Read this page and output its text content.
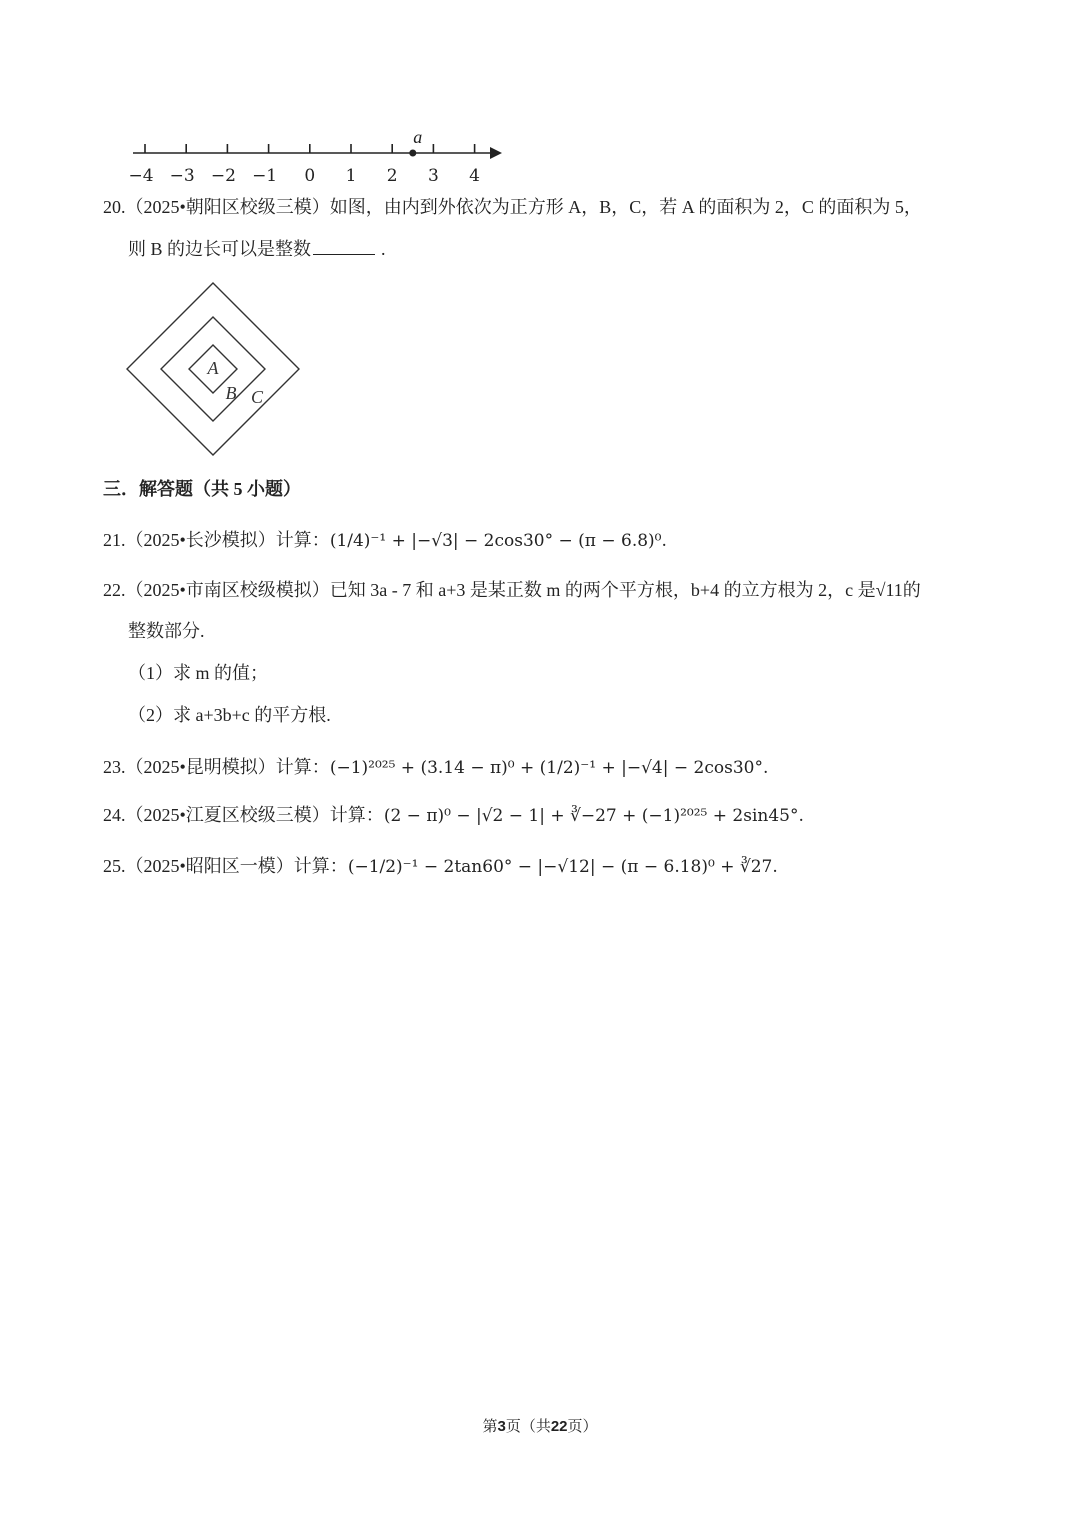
−4 −3 −2 −1 0 1 2 3 4
a
A
B C
20.（2025•朝阳区校级三模）如图，由内到外依次为正方形 A，B，C，若 A 的面积为 2，C 的面积为 5，
则 B 的边长可以是整数	.
三．解答题（共 5 小题）
21.（2025•长沙模拟）计算：(1/4)⁻¹ + |−√3| − 2cos30° − (π − 6.8)⁰.
22.（2025•市南区校级模拟）已知 3a - 7 和 a+3 是某正数 m 的两个平方根，b+4 的立方根为 2，c 是√11的
整数部分.
（1）求 m 的值；
（2）求 a+3b+c 的平方根.
23.（2025•昆明模拟）计算：(−1)²⁰²⁵ + (3.14 − π)⁰ + (1/2)⁻¹ + |−√4| − 2cos30°.
24.（2025•江夏区校级三模）计算：(2 − π)⁰ − |√2 − 1| + ∛−27 + (−1)²⁰²⁵ + 2sin45°.
25.（2025•昭阳区一模）计算：(−1/2)⁻¹ − 2tan60° − |−√12| − (π − 6.18)⁰ + ∛27.
第3页（共22页）
